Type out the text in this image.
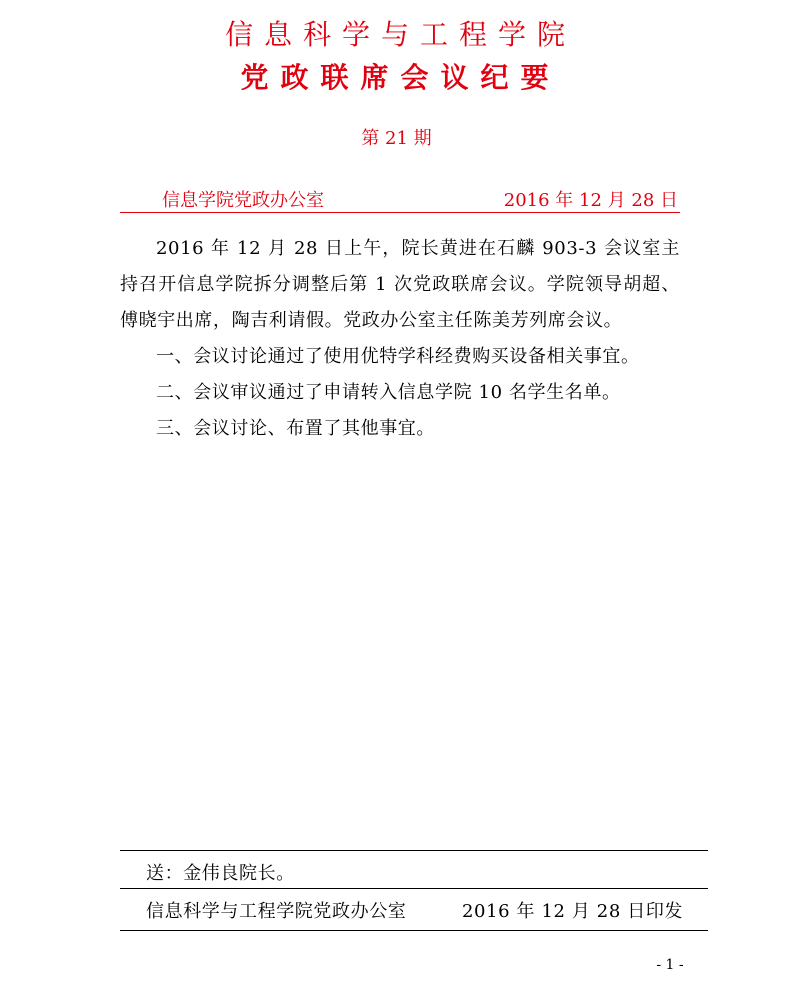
信息科学与工程学院
党政联席会议纪要
第 21 期
信息学院党政办公室	2016 年 12 月 28 日

2016 年 12 月 28 日上午，院长黄进在石麟 903-3 会议室主持召开信息学院拆分调整后第 1 次党政联席会议。学院领导胡超、傅晓宇出席，陶吉利请假。党政办公室主任陈美芳列席会议。

一、会议讨论通过了使用优特学科经费购买设备相关事宜。

二、会议审议通过了申请转入信息学院 10 名学生名单。

三、会议讨论、布置了其他事宜。

送：金伟良院长。
信息科学与工程学院党政办公室	2016 年 12 月 28 日印发
- 1 -
